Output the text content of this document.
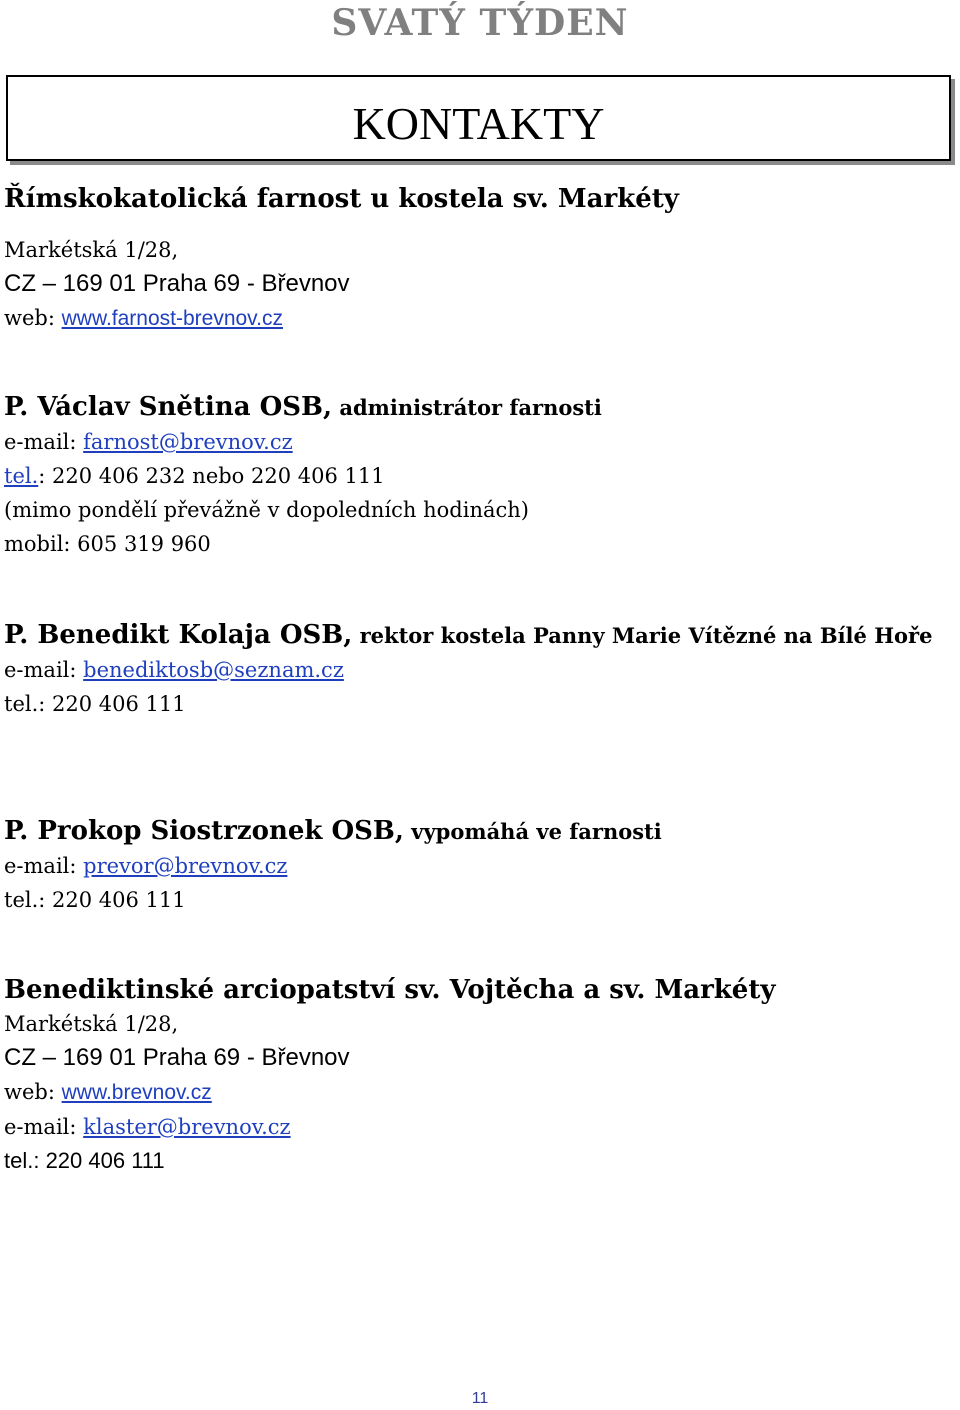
SVATÝ TÝDEN
KONTAKTY
Římskokatolická farnost u kostela sv. Markéty
Markétská 1/28,
CZ – 169 01 Praha 69 - Břevnov
web: www.farnost-brevnov.cz
P. Václav Snětina OSB, administrátor farnosti
e-mail: farnost@brevnov.cz
tel.: 220 406 232 nebo 220 406 111
(mimo pondělí převážně v dopoledních hodinách)
mobil: 605 319 960
P. Benedikt Kolaja OSB, rektor kostela Panny Marie Vítězné na Bílé Hoře
e-mail: benediktosb@seznam.cz
tel.: 220 406 111
P. Prokop Siostrzonek OSB, vypomáhá ve farnosti
e-mail: prevor@brevnov.cz
tel.: 220 406 111
Benediktinské arciopatství sv. Vojtěcha a sv. Markéty
Markétská 1/28,
CZ – 169 01 Praha 69 - Břevnov
web: www.brevnov.cz
e-mail: klaster@brevnov.cz
tel.: 220 406 111
11
